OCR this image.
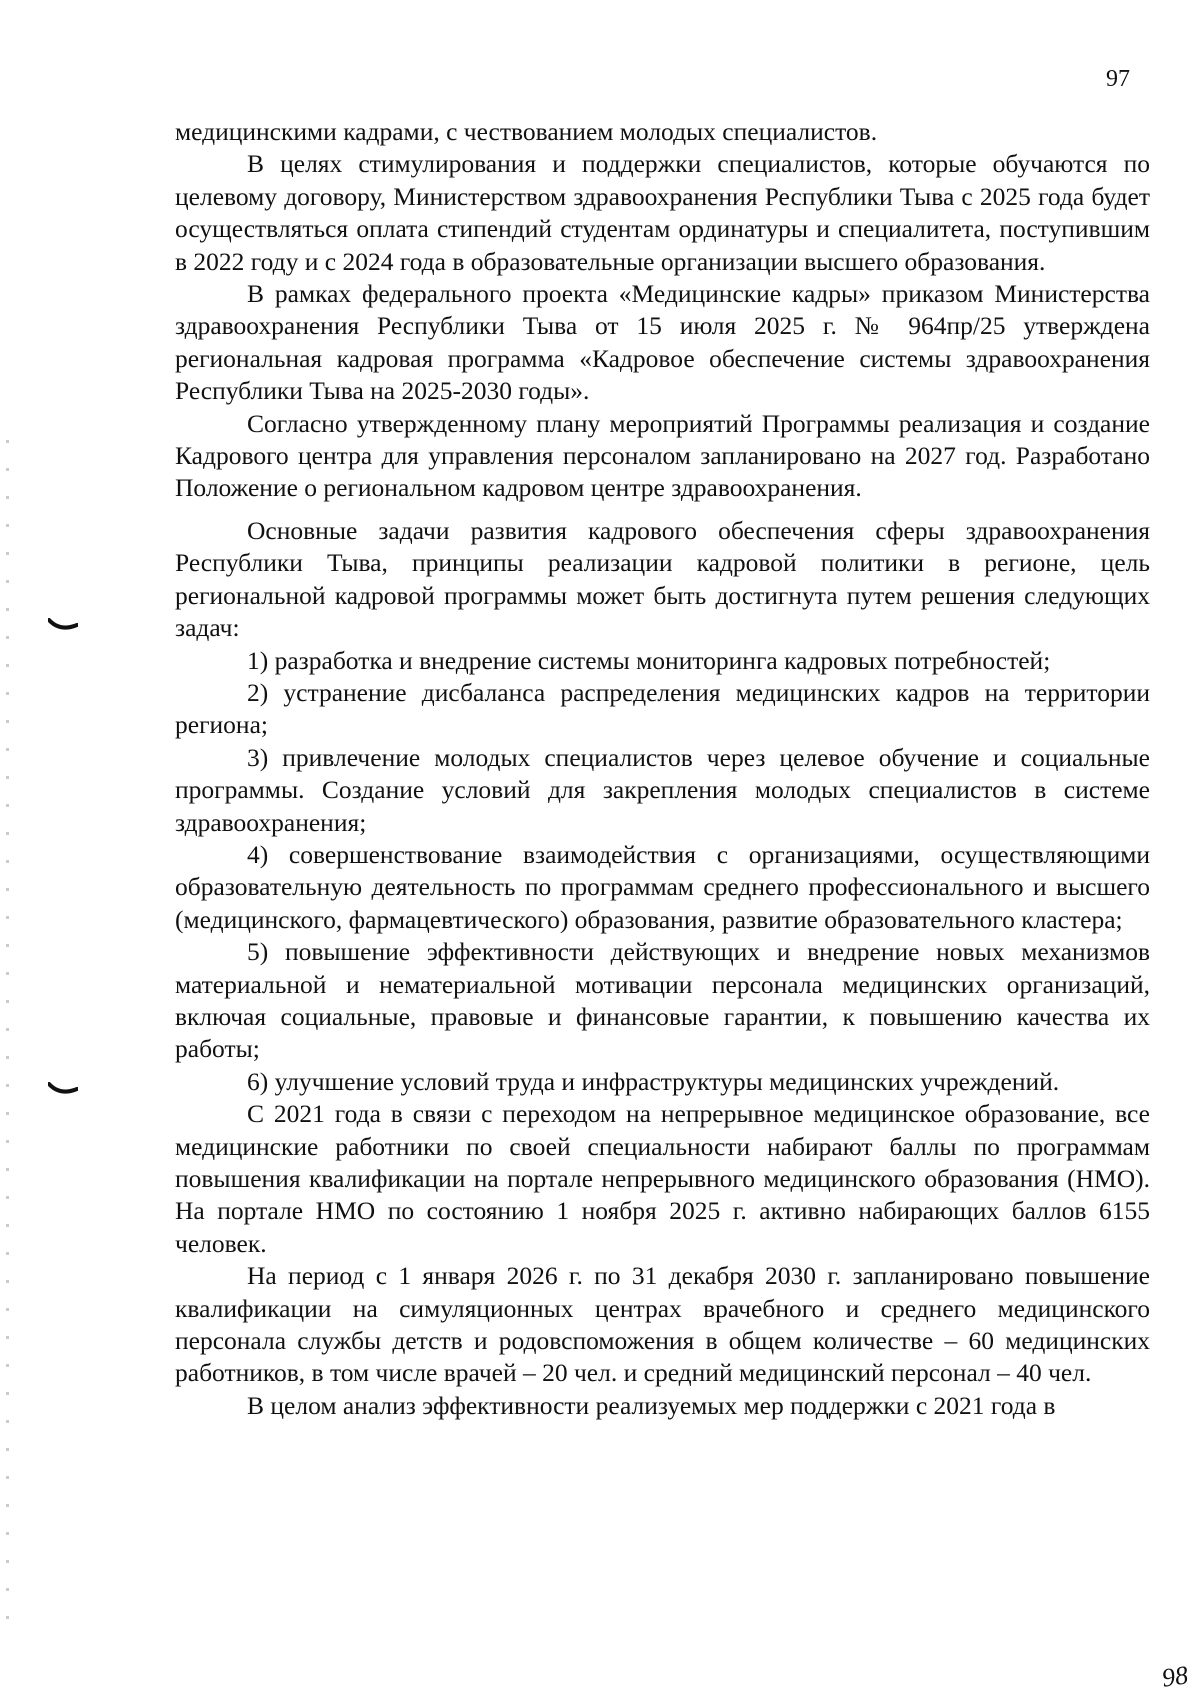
97

медицинскими кадрами, с чествованием молодых специалистов.

В целях стимулирования и поддержки специалистов, которые обучаются по целевому договору, Министерством здравоохранения Республики Тыва с 2025 года будет осуществляться оплата стипендий студентам ординатуры и специалитета, поступившим в 2022 году и с 2024 года в образовательные организации высшего образования.

В рамках федерального проекта «Медицинские кадры» приказом Министерства здравоохранения Республики Тыва от 15 июля 2025 г. № 964пр/25 утверждена региональная кадровая программа «Кадровое обеспечение системы здравоохранения Республики Тыва на 2025-2030 годы».

Согласно утвержденному плану мероприятий Программы реализация и создание Кадрового центра для управления персоналом запланировано на 2027 год. Разработано Положение о региональном кадровом центре здравоохранения.

Основные задачи развития кадрового обеспечения сферы здравоохранения Республики Тыва, принципы реализации кадровой политики в регионе, цель региональной кадровой программы может быть достигнута путем решения следующих задач:

1) разработка и внедрение системы мониторинга кадровых потребностей;

2) устранение дисбаланса распределения медицинских кадров на территории региона;

3) привлечение молодых специалистов через целевое обучение и социальные программы. Создание условий для закрепления молодых специалистов в системе здравоохранения;

4) совершенствование взаимодействия с организациями, осуществляющими образовательную деятельность по программам среднего профессионального и высшего (медицинского, фармацевтического) образования, развитие образовательного кластера;

5) повышение эффективности действующих и внедрение новых механизмов материальной и нематериальной мотивации персонала медицинских организаций, включая социальные, правовые и финансовые гарантии, к повышению качества их работы;

6) улучшение условий труда и инфраструктуры медицинских учреждений.

С 2021 года в связи с переходом на непрерывное медицинское образование, все медицинские работники по своей специальности набирают баллы по программам повышения квалификации на портале непрерывного медицинского образования (НМО). На портале НМО по состоянию 1 ноября 2025 г. активно набирающих баллов 6155 человек.

На период с 1 января 2026 г. по 31 декабря 2030 г. запланировано повышение квалификации на симуляционных центрах врачебного и среднего медицинского персонала службы детств и родовспоможения в общем количестве – 60 медицинских работников, в том числе врачей – 20 чел. и средний медицинский персонал – 40 чел.

В целом анализ эффективности реализуемых мер поддержки с 2021 года в

98
